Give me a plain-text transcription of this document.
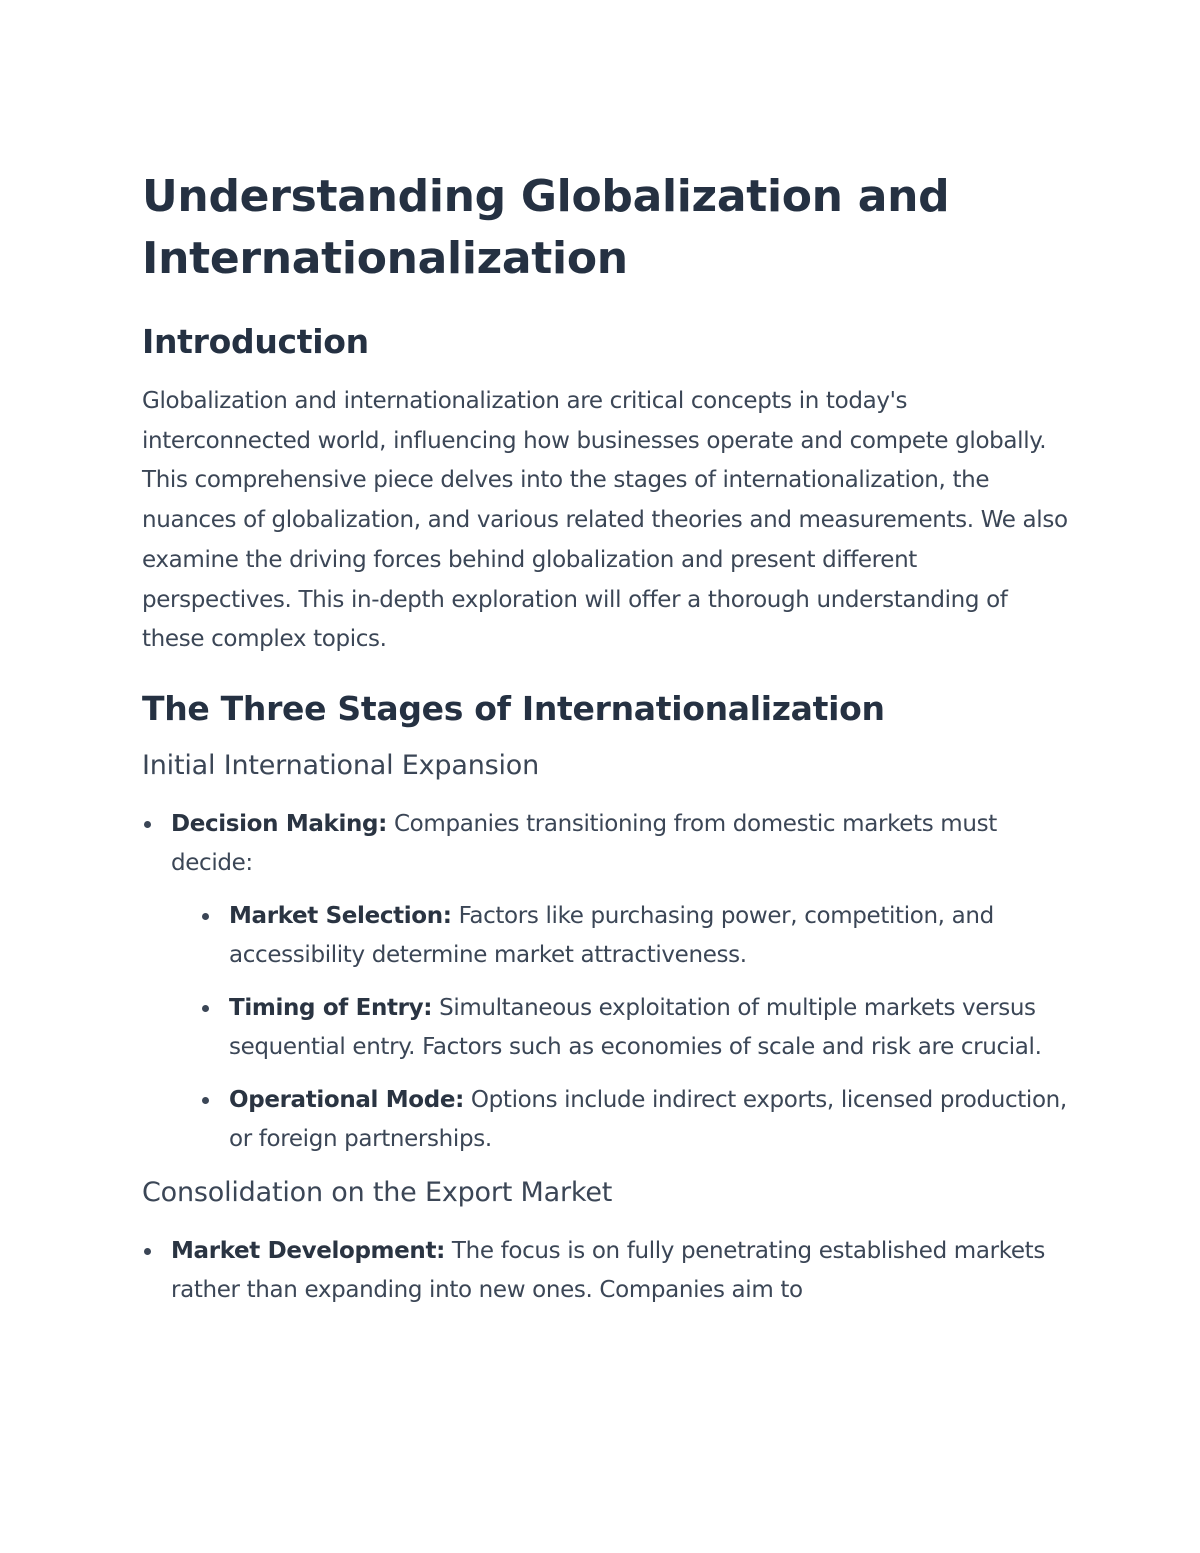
Understanding Globalization and Internationalization
Introduction

Globalization and internationalization are critical concepts in today's interconnected world, influencing how businesses operate and compete globally. This comprehensive piece delves into the stages of internationalization, the nuances of globalization, and various related theories and measurements. We also examine the driving forces behind globalization and present different perspectives. This in-depth exploration will offer a thorough understanding of these complex topics.

The Three Stages of Internationalization
Initial International Expansion
Decision Making: Companies transitioning from domestic markets must decide:
Market Selection: Factors like purchasing power, competition, and accessibility determine market attractiveness.
Timing of Entry: Simultaneous exploitation of multiple markets versus sequential entry. Factors such as economies of scale and risk are crucial.
Operational Mode: Options include indirect exports, licensed production, or foreign partnerships.
Consolidation on the Export Market
Market Development: The focus is on fully penetrating established markets rather than expanding into new ones. Companies aim to
